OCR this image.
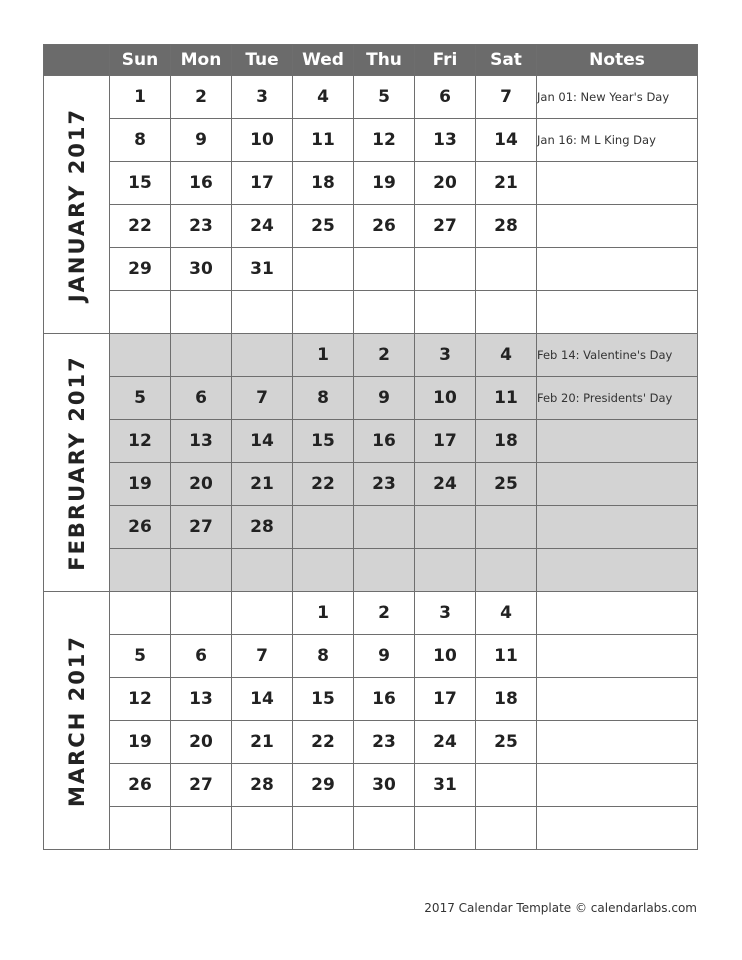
	Sun	Mon	Tue	Wed	Thu	Fri	Sat	Notes

JANUARY 2017	1	2	3	4	5	6	7	Jan 01: New Year's Day
	8	9	10	11	12	13	14	Jan 16: M L King Day
	15	16	17	18	19	20	21	
	22	23	24	25	26	27	28	
	29	30	31					

FEBRUARY 2017				1	2	3	4	Feb 14: Valentine's Day
	5	6	7	8	9	10	11	Feb 20: Presidents' Day
	12	13	14	15	16	17	18	
	19	20	21	22	23	24	25	
	26	27	28					

MARCH 2017				1	2	3	4	
	5	6	7	8	9	10	11	
	12	13	14	15	16	17	18	
	19	20	21	22	23	24	25	
	26	27	28	29	30	31		

2017 Calendar Template © calendarlabs.com
